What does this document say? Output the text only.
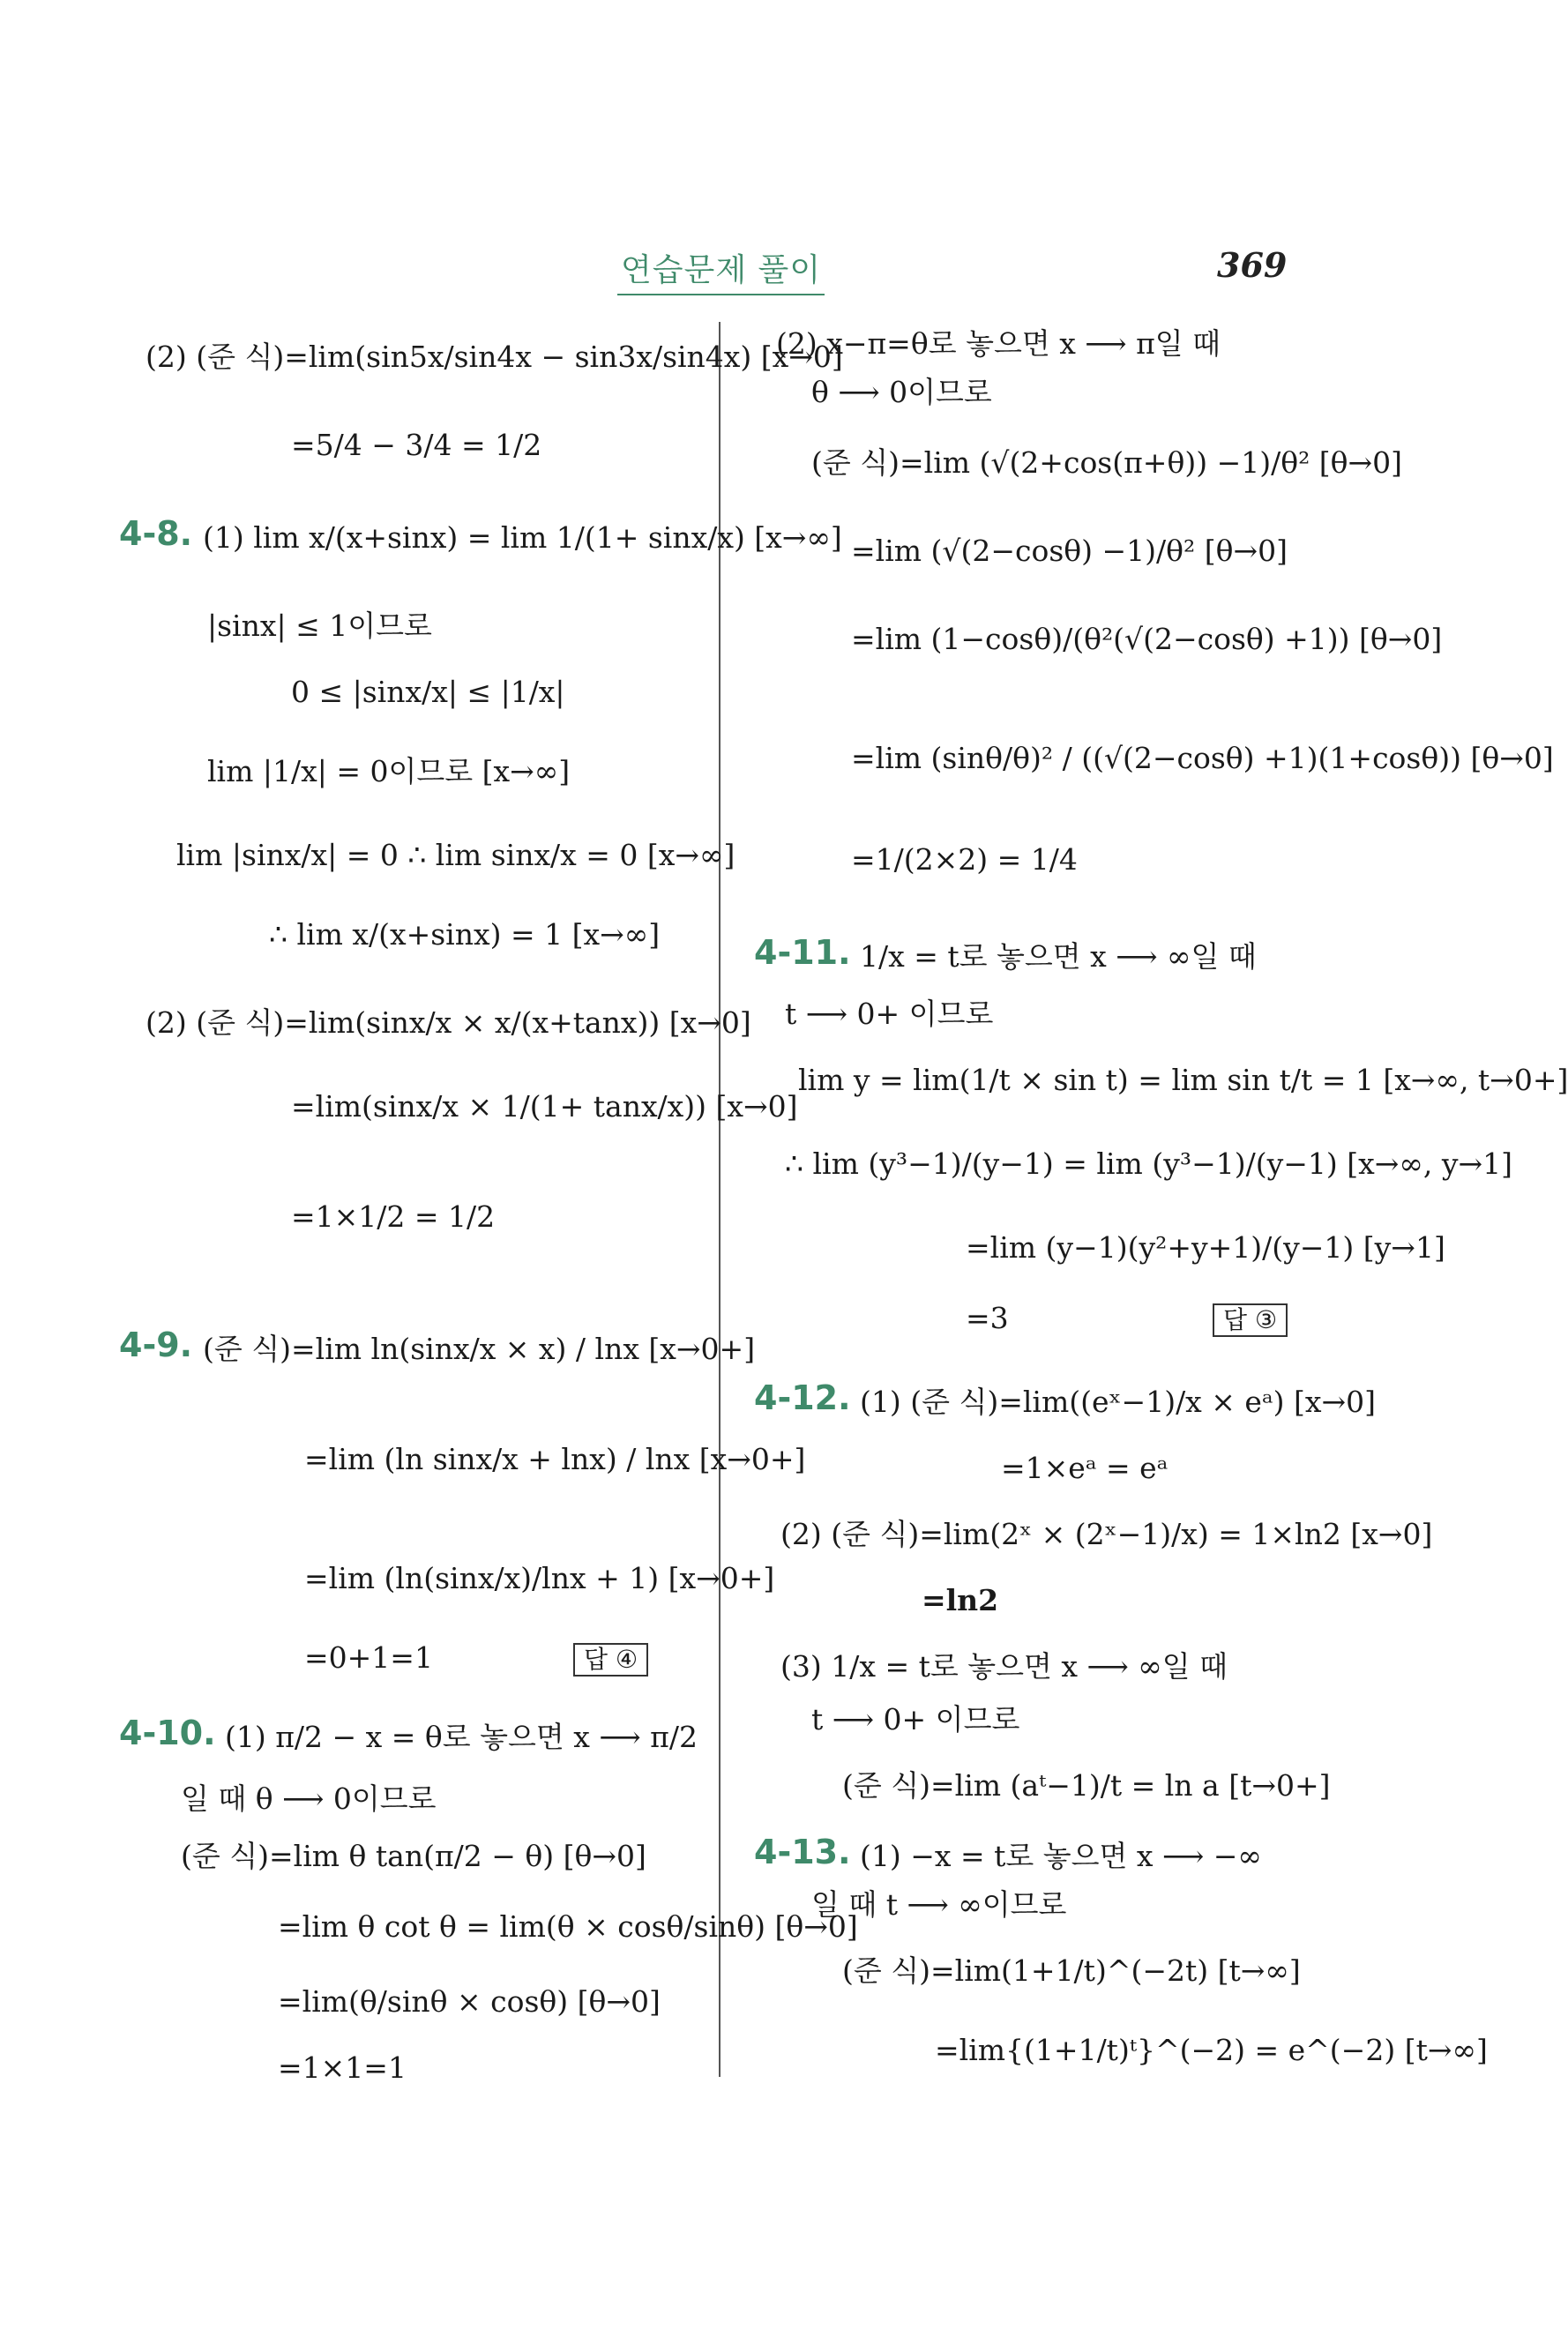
연습문제 풀이	369
(2) (준 식)=lim(sin5x/sin4x − sin3x/sin4x) [x→0]
=5/4 − 3/4 = 1/2
4-8. (1) lim x/(x+sinx) = lim 1/(1+ sinx/x) [x→∞]
|sinx| ≤ 1이므로
0 ≤ |sinx/x| ≤ |1/x|
lim |1/x| = 0이므로 [x→∞]
lim |sinx/x| = 0 ∴ lim sinx/x = 0 [x→∞]
∴ lim x/(x+sinx) = 1 [x→∞]
(2) (준 식)=lim(sinx/x × x/(x+tanx)) [x→0]
=lim(sinx/x × 1/(1+ tanx/x)) [x→0]
=1×1/2 = 1/2
4-9. (준 식)=lim ln(sinx/x × x) / lnx [x→0+]
=lim (ln sinx/x + lnx) / lnx [x→0+]
=lim (ln(sinx/x)/lnx + 1) [x→0+]
=0+1=1	답 ④
4-10. (1) π/2 − x = θ로 놓으면 x ⟶ π/2
일 때 θ ⟶ 0이므로
(준 식)=lim θ tan(π/2 − θ) [θ→0]
=lim θ cot θ = lim(θ × cosθ/sinθ) [θ→0]
=lim(θ/sinθ × cosθ) [θ→0]
=1×1=1
(2) x−π=θ로 놓으면 x ⟶ π일 때
θ ⟶ 0이므로
(준 식)=lim (√(2+cos(π+θ)) −1)/θ² [θ→0]
=lim (√(2−cosθ) −1)/θ² [θ→0]
=lim (1−cosθ)/(θ²(√(2−cosθ) +1)) [θ→0]
=lim (sinθ/θ)² / ((√(2−cosθ) +1)(1+cosθ)) [θ→0]
=1/(2×2) = 1/4
4-11. 1/x = t로 놓으면 x ⟶ ∞일 때
t ⟶ 0+ 이므로
lim y = lim(1/t × sin t) = lim sin t/t = 1 [x→∞, t→0+]
∴ lim (y³−1)/(y−1) = lim (y³−1)/(y−1) [x→∞, y→1]
=lim (y−1)(y²+y+1)/(y−1) [y→1]
=3	답 ③
4-12. (1) (준 식)=lim((eˣ−1)/x × eᵃ) [x→0]
=1×eᵃ = eᵃ
(2) (준 식)=lim(2ˣ × (2ˣ−1)/x) = 1×ln2 [x→0]
=ln2
(3) 1/x = t로 놓으면 x ⟶ ∞일 때
t ⟶ 0+ 이므로
(준 식)=lim (aᵗ−1)/t = ln a [t→0+]
4-13. (1) −x = t로 놓으면 x ⟶ −∞
일 때 t ⟶ ∞이므로
(준 식)=lim(1+1/t)^(−2t) [t→∞]
=lim{(1+1/t)ᵗ}^(−2) = e^(−2) [t→∞]
